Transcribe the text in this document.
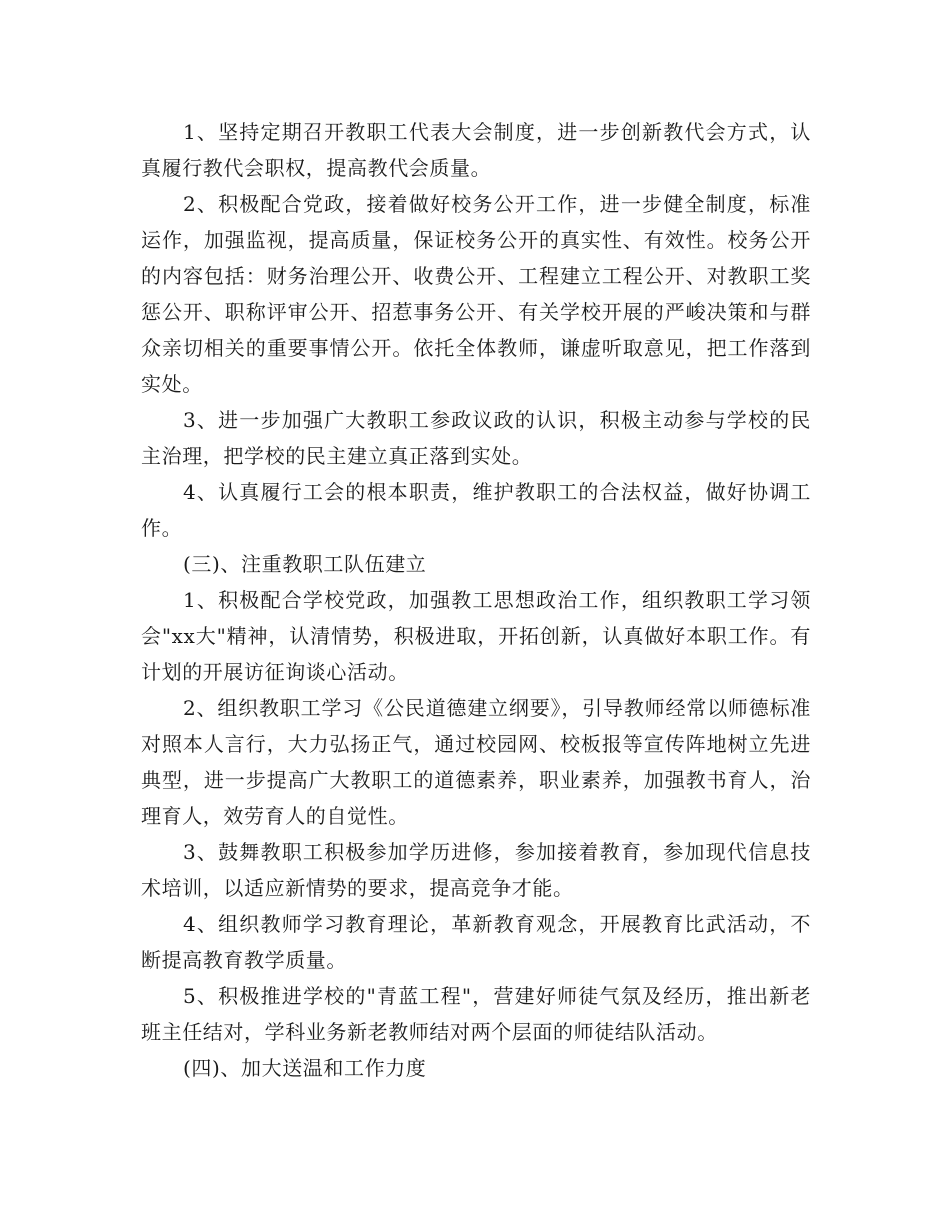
1、坚持定期召开教职工代表大会制度，进一步创新教代会方式，认真履行教代会职权，提高教代会质量。

2、积极配合党政，接着做好校务公开工作，进一步健全制度，标准运作，加强监视，提高质量，保证校务公开的真实性、有效性。校务公开的内容包括：财务治理公开、收费公开、工程建立工程公开、对教职工奖惩公开、职称评审公开、招惹事务公开、有关学校开展的严峻决策和与群众亲切相关的重要事情公开。依托全体教师，谦虚听取意见，把工作落到实处。

3、进一步加强广大教职工参政议政的认识，积极主动参与学校的民主治理，把学校的民主建立真正落到实处。

4、认真履行工会的根本职责，维护教职工的合法权益，做好协调工作。

(三)、注重教职工队伍建立

1、积极配合学校党政，加强教工思想政治工作，组织教职工学习领会"xx大"精神，认清情势，积极进取，开拓创新，认真做好本职工作。有计划的开展访征询谈心活动。

2、组织教职工学习《公民道德建立纲要》，引导教师经常以师德标准对照本人言行，大力弘扬正气，通过校园网、校板报等宣传阵地树立先进典型，进一步提高广大教职工的道德素养，职业素养，加强教书育人，治理育人，效劳育人的自觉性。

3、鼓舞教职工积极参加学历进修，参加接着教育，参加现代信息技术培训，以适应新情势的要求，提高竞争才能。

4、组织教师学习教育理论，革新教育观念，开展教育比武活动，不断提高教育教学质量。

5、积极推进学校的"青蓝工程"，营建好师徒气氛及经历，推出新老班主任结对，学科业务新老教师结对两个层面的师徒结队活动。

(四)、加大送温和工作力度
